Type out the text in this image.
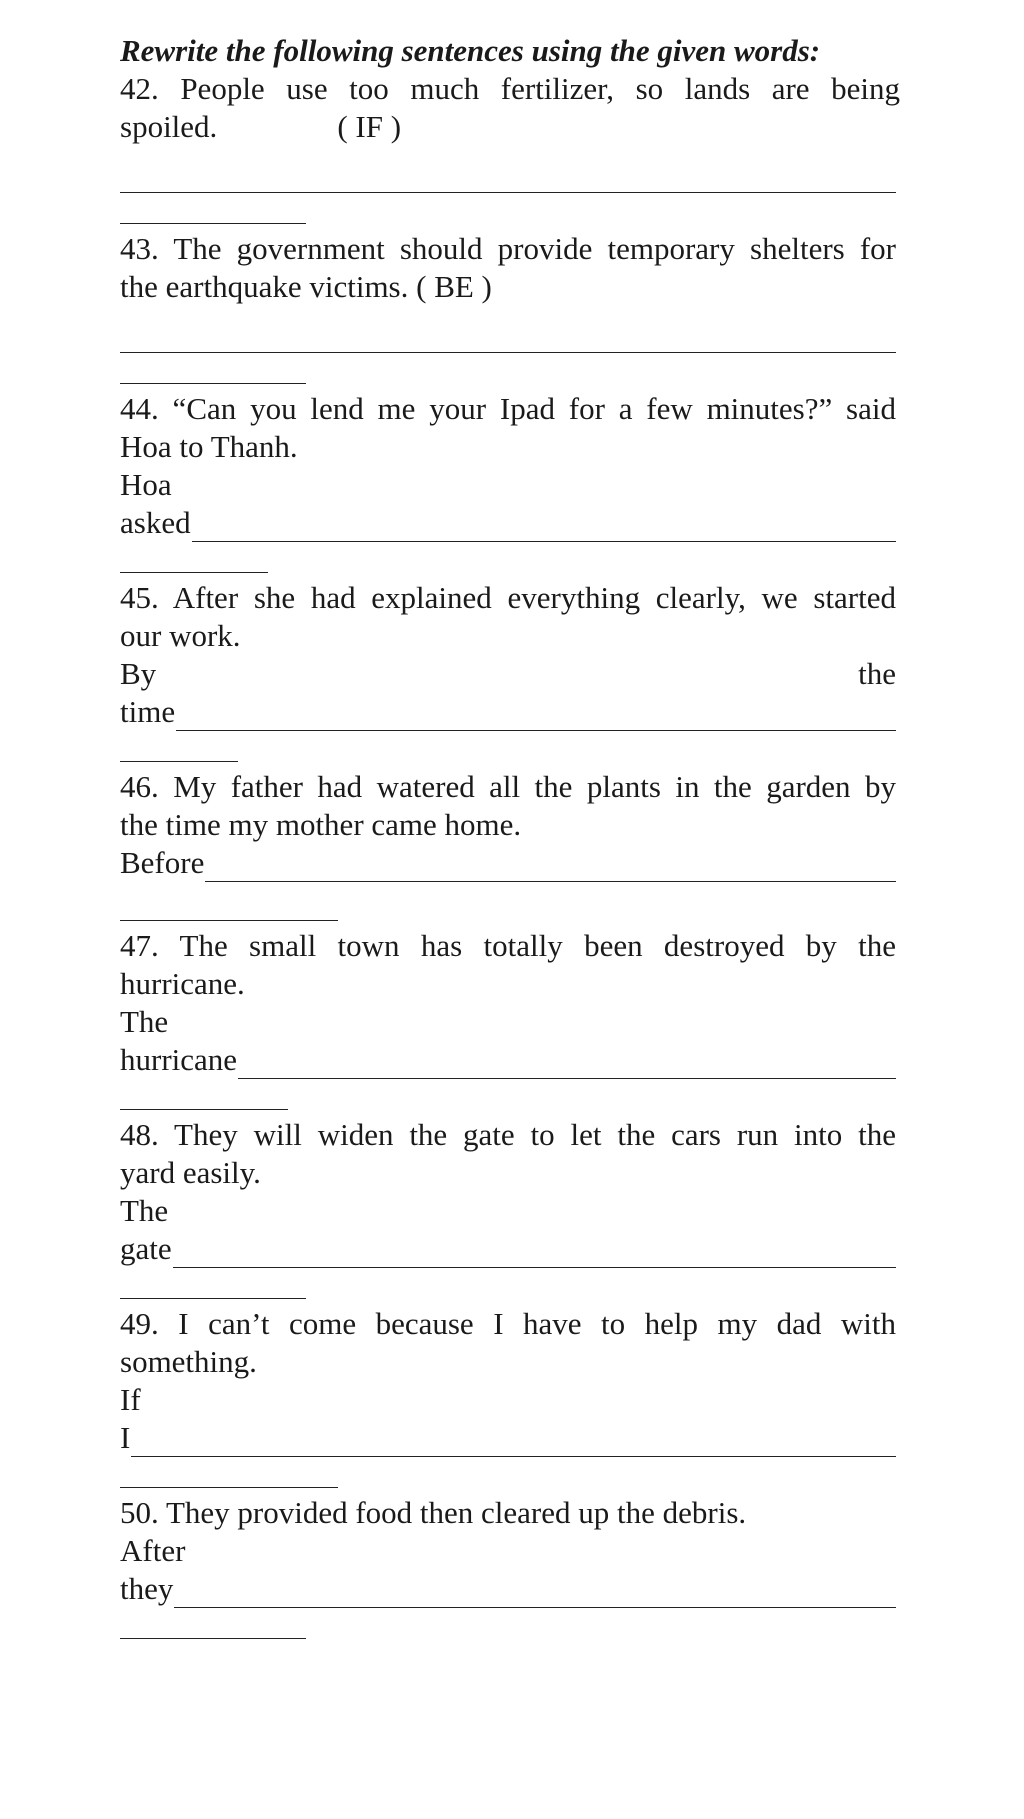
Rewrite the following sentences using the given words:
42. People use too much fertilizer, so lands are being
spoiled.	( IF )
43. The government should provide temporary shelters for
the earthquake victims. ( BE )
44. “Can you lend me your Ipad for a few minutes?” said
Hoa to Thanh.
Hoa
asked
45. After she had explained everything clearly, we started
our work.
By	the
time
46. My father had watered all the plants in the garden by
the time my mother came home.
Before
47. The small town has totally been destroyed by the
hurricane.
The
hurricane
48. They will widen the gate to let the cars run into the
yard easily.
The
gate
49. I can’t come because I have to help my dad with
something.
If
I
50. They provided food then cleared up the debris.
After
they
